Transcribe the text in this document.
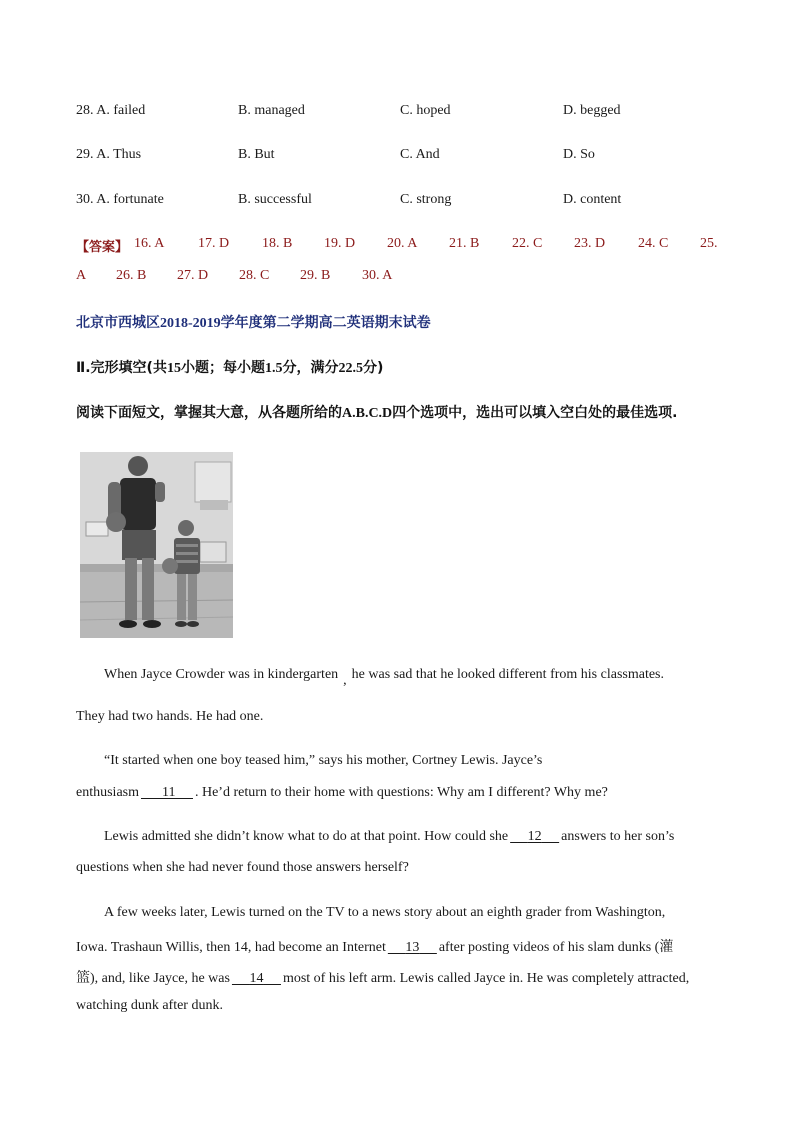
28. A. failed	B. managed	C. hoped	D. begged
29. A. Thus	B. But	C. And	D. So
30. A. fortunate	B. successful	C. strong	D. content
【答案】 16. A 17. D 18. B 19. D 20. A 21. B 22. C 23. D 24. C 25.
A 26. B 27. D 28. C 29. B 30. A
北京市西城区2018-2019学年度第二学期高二英语期末试卷
Ⅱ.完形填空(共15小题；每小题1.5分，满分22.5分)
阅读下面短文，掌握其大意，从各题所给的A.B.C.D四个选项中，选出可以填入空白处的最佳选项.
When Jayce Crowder was in kindergarten , he was sad that he looked different from his classmates.
They had two hands. He had one.
“It started when one boy teased him,” says his mother, Cortney Lewis. Jayce’s
enthusiasm 11 . He’d return to their home with questions: Why am I different? Why me?
Lewis admitted she didn’t know what to do at that point. How could she 12 answers to her son’s
questions when she had never found those answers herself?
A few weeks later, Lewis turned on the TV to a news story about an eighth grader from Washington,
Iowa. Trashaun Willis, then 14, had become an Internet 13 after posting videos of his slam dunks (灌
篮), and, like Jayce, he was 14 most of his left arm. Lewis called Jayce in. He was completely attracted,
watching dunk after dunk.
